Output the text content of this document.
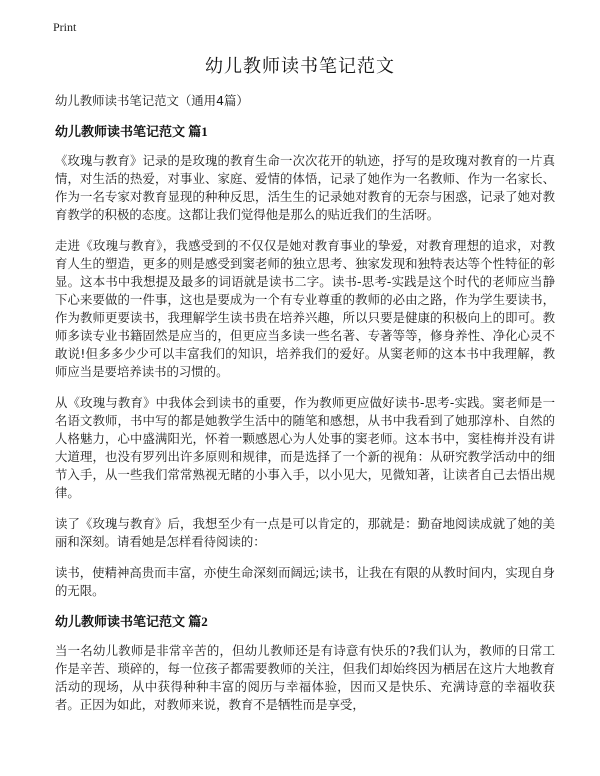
Print
幼儿教师读书笔记范文

幼儿教师读书笔记范文（通用4篇）

幼儿教师读书笔记范文 篇1

《玫瑰与教育》记录的是玫瑰的教育生命一次次花开的轨迹，抒写的是玫瑰对教育的一片真情，对生活的热爱，对事业、家庭、爱情的体悟，记录了她作为一名教师、作为一名家长、作为一名专家对教育显现的种种反思，活生生的记录她对教育的无奈与困惑，记录了她对教育教学的积极的态度。这都让我们觉得他是那么的贴近我们的生活呀。

走进《玫瑰与教育》，我感受到的不仅仅是她对教育事业的挚爱，对教育理想的追求，对教育人生的塑造，更多的则是感受到窦老师的独立思考、独家发现和独特表达等个性特征的彰显。这本书中我想提及最多的词语就是读书二字。读书-思考-实践是这个时代的老师应当静下心来要做的一件事，这也是要成为一个有专业尊重的教师的必由之路，作为学生要读书，作为教师更要读书，我理解学生读书贵在培养兴趣，所以只要是健康的积极向上的即可。教师多读专业书籍固然是应当的，但更应当多读一些名著、专著等等，修身养性、净化心灵不敢说!但多多少少可以丰富我们的知识，培养我们的爱好。从窦老师的这本书中我理解，教师应当是要培养读书的习惯的。

从《玫瑰与教育》中我体会到读书的重要，作为教师更应做好读书-思考-实践。窦老师是一名语文教师，书中写的都是她教学生活中的随笔和感想，从书中我看到了她那淳朴、自然的人格魅力，心中盛满阳光，怀着一颗感恩心为人处事的窦老师。这本书中，窦桂梅并没有讲大道理，也没有罗列出许多原则和规律，而是选择了一个新的视角：从研究教学活动中的细节入手，从一些我们常常熟视无睹的小事入手，以小见大，见微知著，让读者自己去悟出规律。

读了《玫瑰与教育》后，我想至少有一点是可以肯定的，那就是：勤奋地阅读成就了她的美丽和深刻。请看她是怎样看待阅读的：

读书，使精神高贵而丰富，亦使生命深刻而阔远;读书，让我在有限的从教时间内，实现自身的无限。

幼儿教师读书笔记范文 篇2

当一名幼儿教师是非常辛苦的，但幼儿教师还是有诗意有快乐的?我们认为，教师的日常工作是辛苦、琐碎的，每一位孩子都需要教师的关注，但我们却始终因为栖居在这片大地教育活动的现场，从中获得种种丰富的阅历与幸福体验，因而又是快乐、充满诗意的幸福收获者。正因为如此，对教师来说，教育不是牺牲而是享受，
